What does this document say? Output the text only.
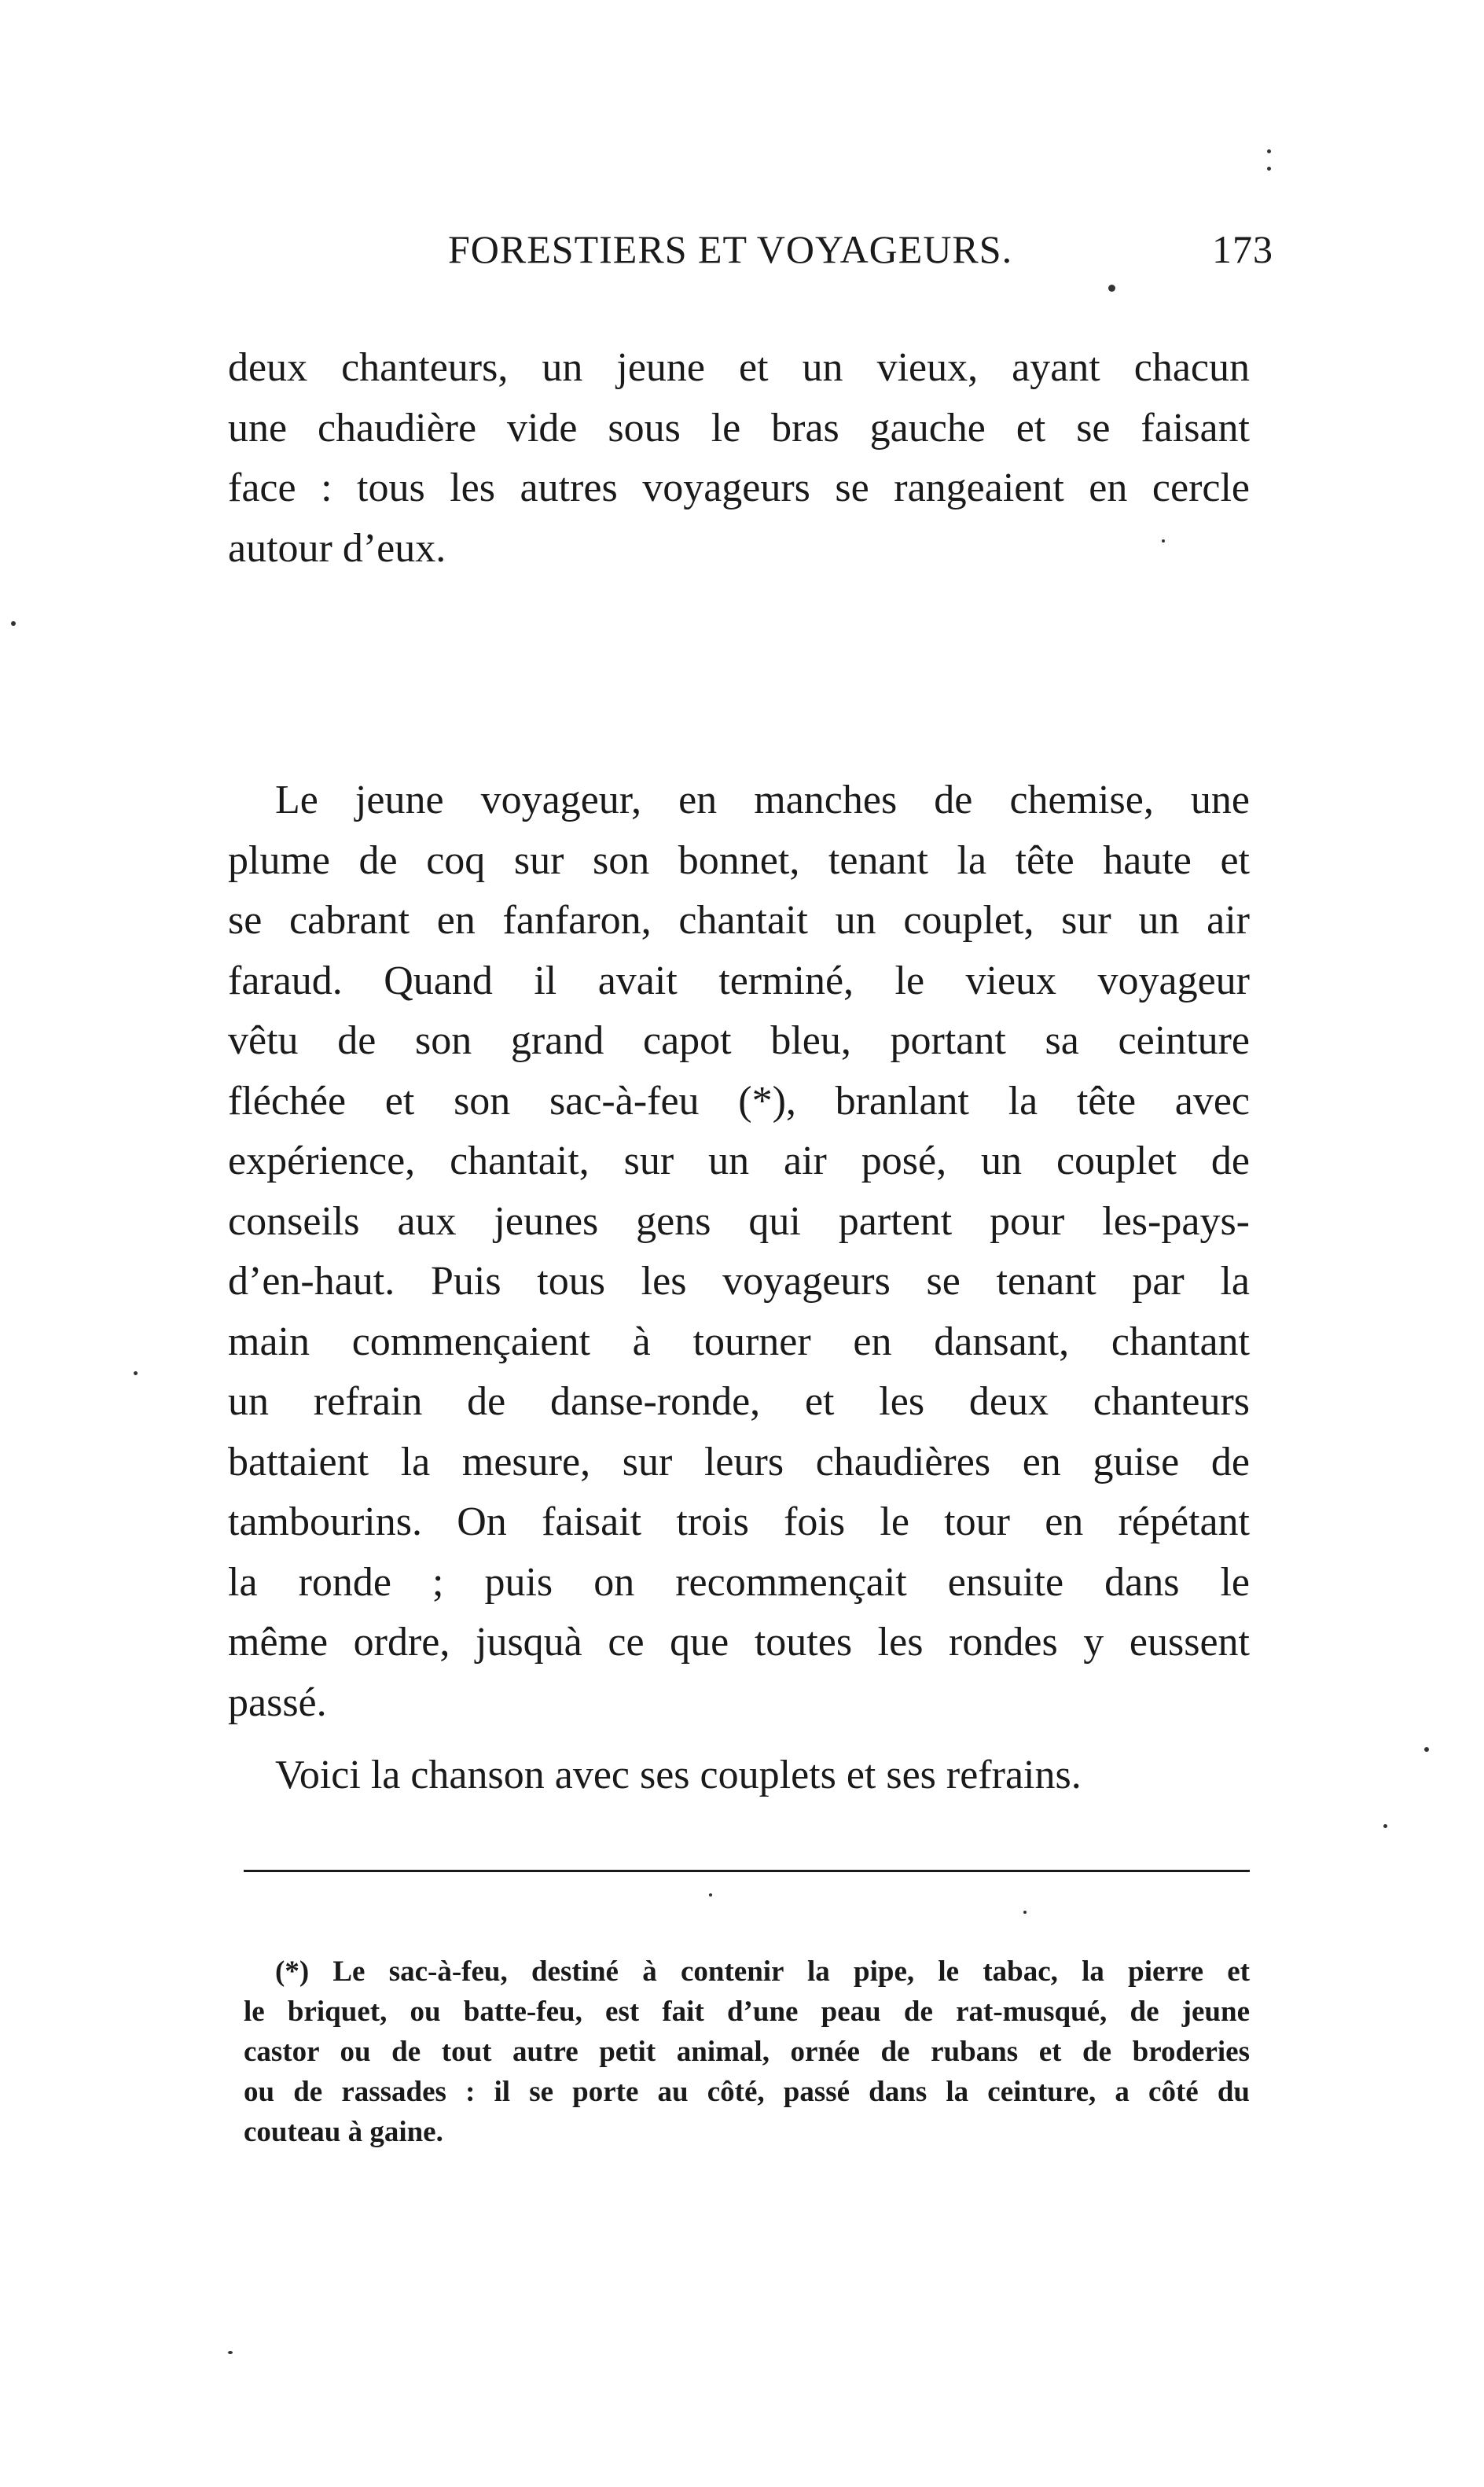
FORESTIERS ET VOYAGEURS.	173
deux chanteurs, un jeune et un vieux, ayant chacun
une chaudière vide sous le bras gauche et se faisant
face : tous les autres voyageurs se rangeaient en cercle
autour d’eux.
Le jeune voyageur, en manches de chemise, une
plume de coq sur son bonnet, tenant la tête haute et
se cabrant en fanfaron, chantait un couplet, sur un air
faraud. Quand il avait terminé, le vieux voyageur
vêtu de son grand capot bleu, portant sa ceinture
fléchée et son sac-à-feu (*), branlant la tête avec
expérience, chantait, sur un air posé, un couplet de
conseils aux jeunes gens qui partent pour les-pays-
d’en-haut. Puis tous les voyageurs se tenant par la
main commençaient à tourner en dansant, chantant
un refrain de danse-ronde, et les deux chanteurs
battaient la mesure, sur leurs chaudières en guise de
tambourins. On faisait trois fois le tour en répétant
la ronde ; puis on recommençait ensuite dans le
même ordre, jusquà ce que toutes les rondes y eussent
passé.
Voici la chanson avec ses couplets et ses refrains.
(*) Le sac-à-feu, destiné à contenir la pipe, le tabac, la pierre et
le briquet, ou batte-feu, est fait d’une peau de rat-musqué, de jeune
castor ou de tout autre petit animal, ornée de rubans et de broderies
ou de rassades : il se porte au côté, passé dans la ceinture, a côté du
couteau à gaine.
